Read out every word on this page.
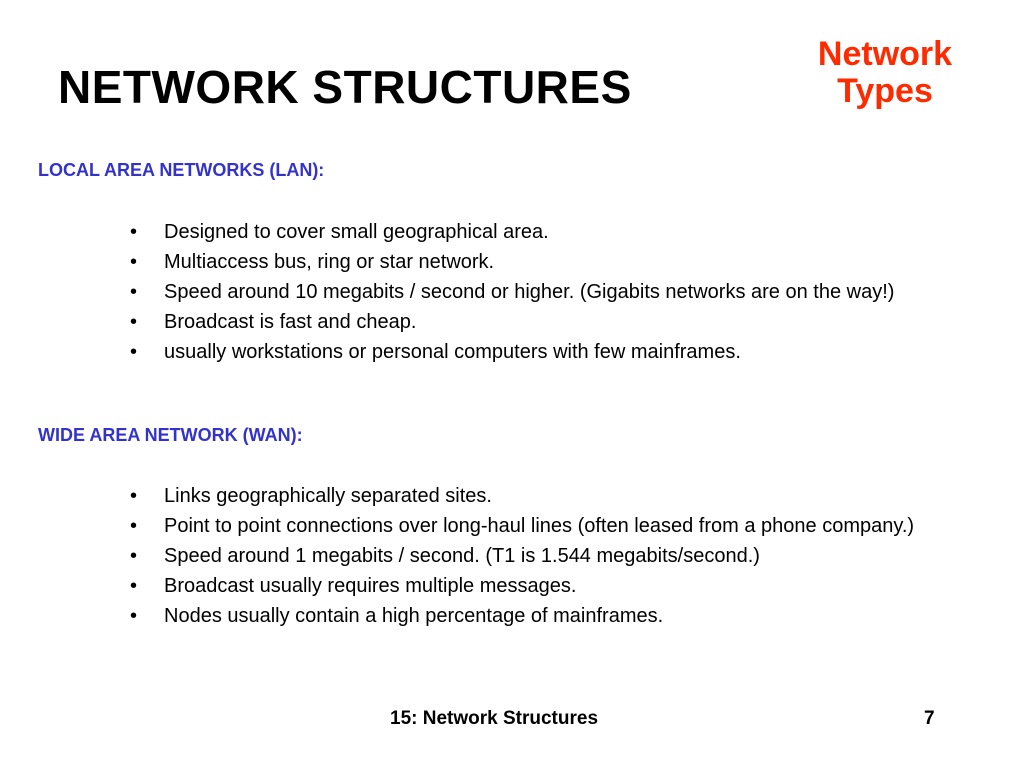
NETWORK STRUCTURES
Network
Types
LOCAL AREA NETWORKS (LAN):
• Designed to cover small geographical area.
• Multiaccess bus, ring or star network.
• Speed around 10 megabits / second or higher. (Gigabits networks are on the way!)
• Broadcast is fast and cheap.
• usually workstations or personal computers with few mainframes.
WIDE AREA NETWORK (WAN):
• Links geographically separated sites.
• Point to point connections over long-haul lines (often leased from a phone company.)
• Speed around 1 megabits / second. (T1 is 1.544 megabits/second.)
• Broadcast usually requires multiple messages.
• Nodes usually contain a high percentage of mainframes.
15: Network Structures	7
